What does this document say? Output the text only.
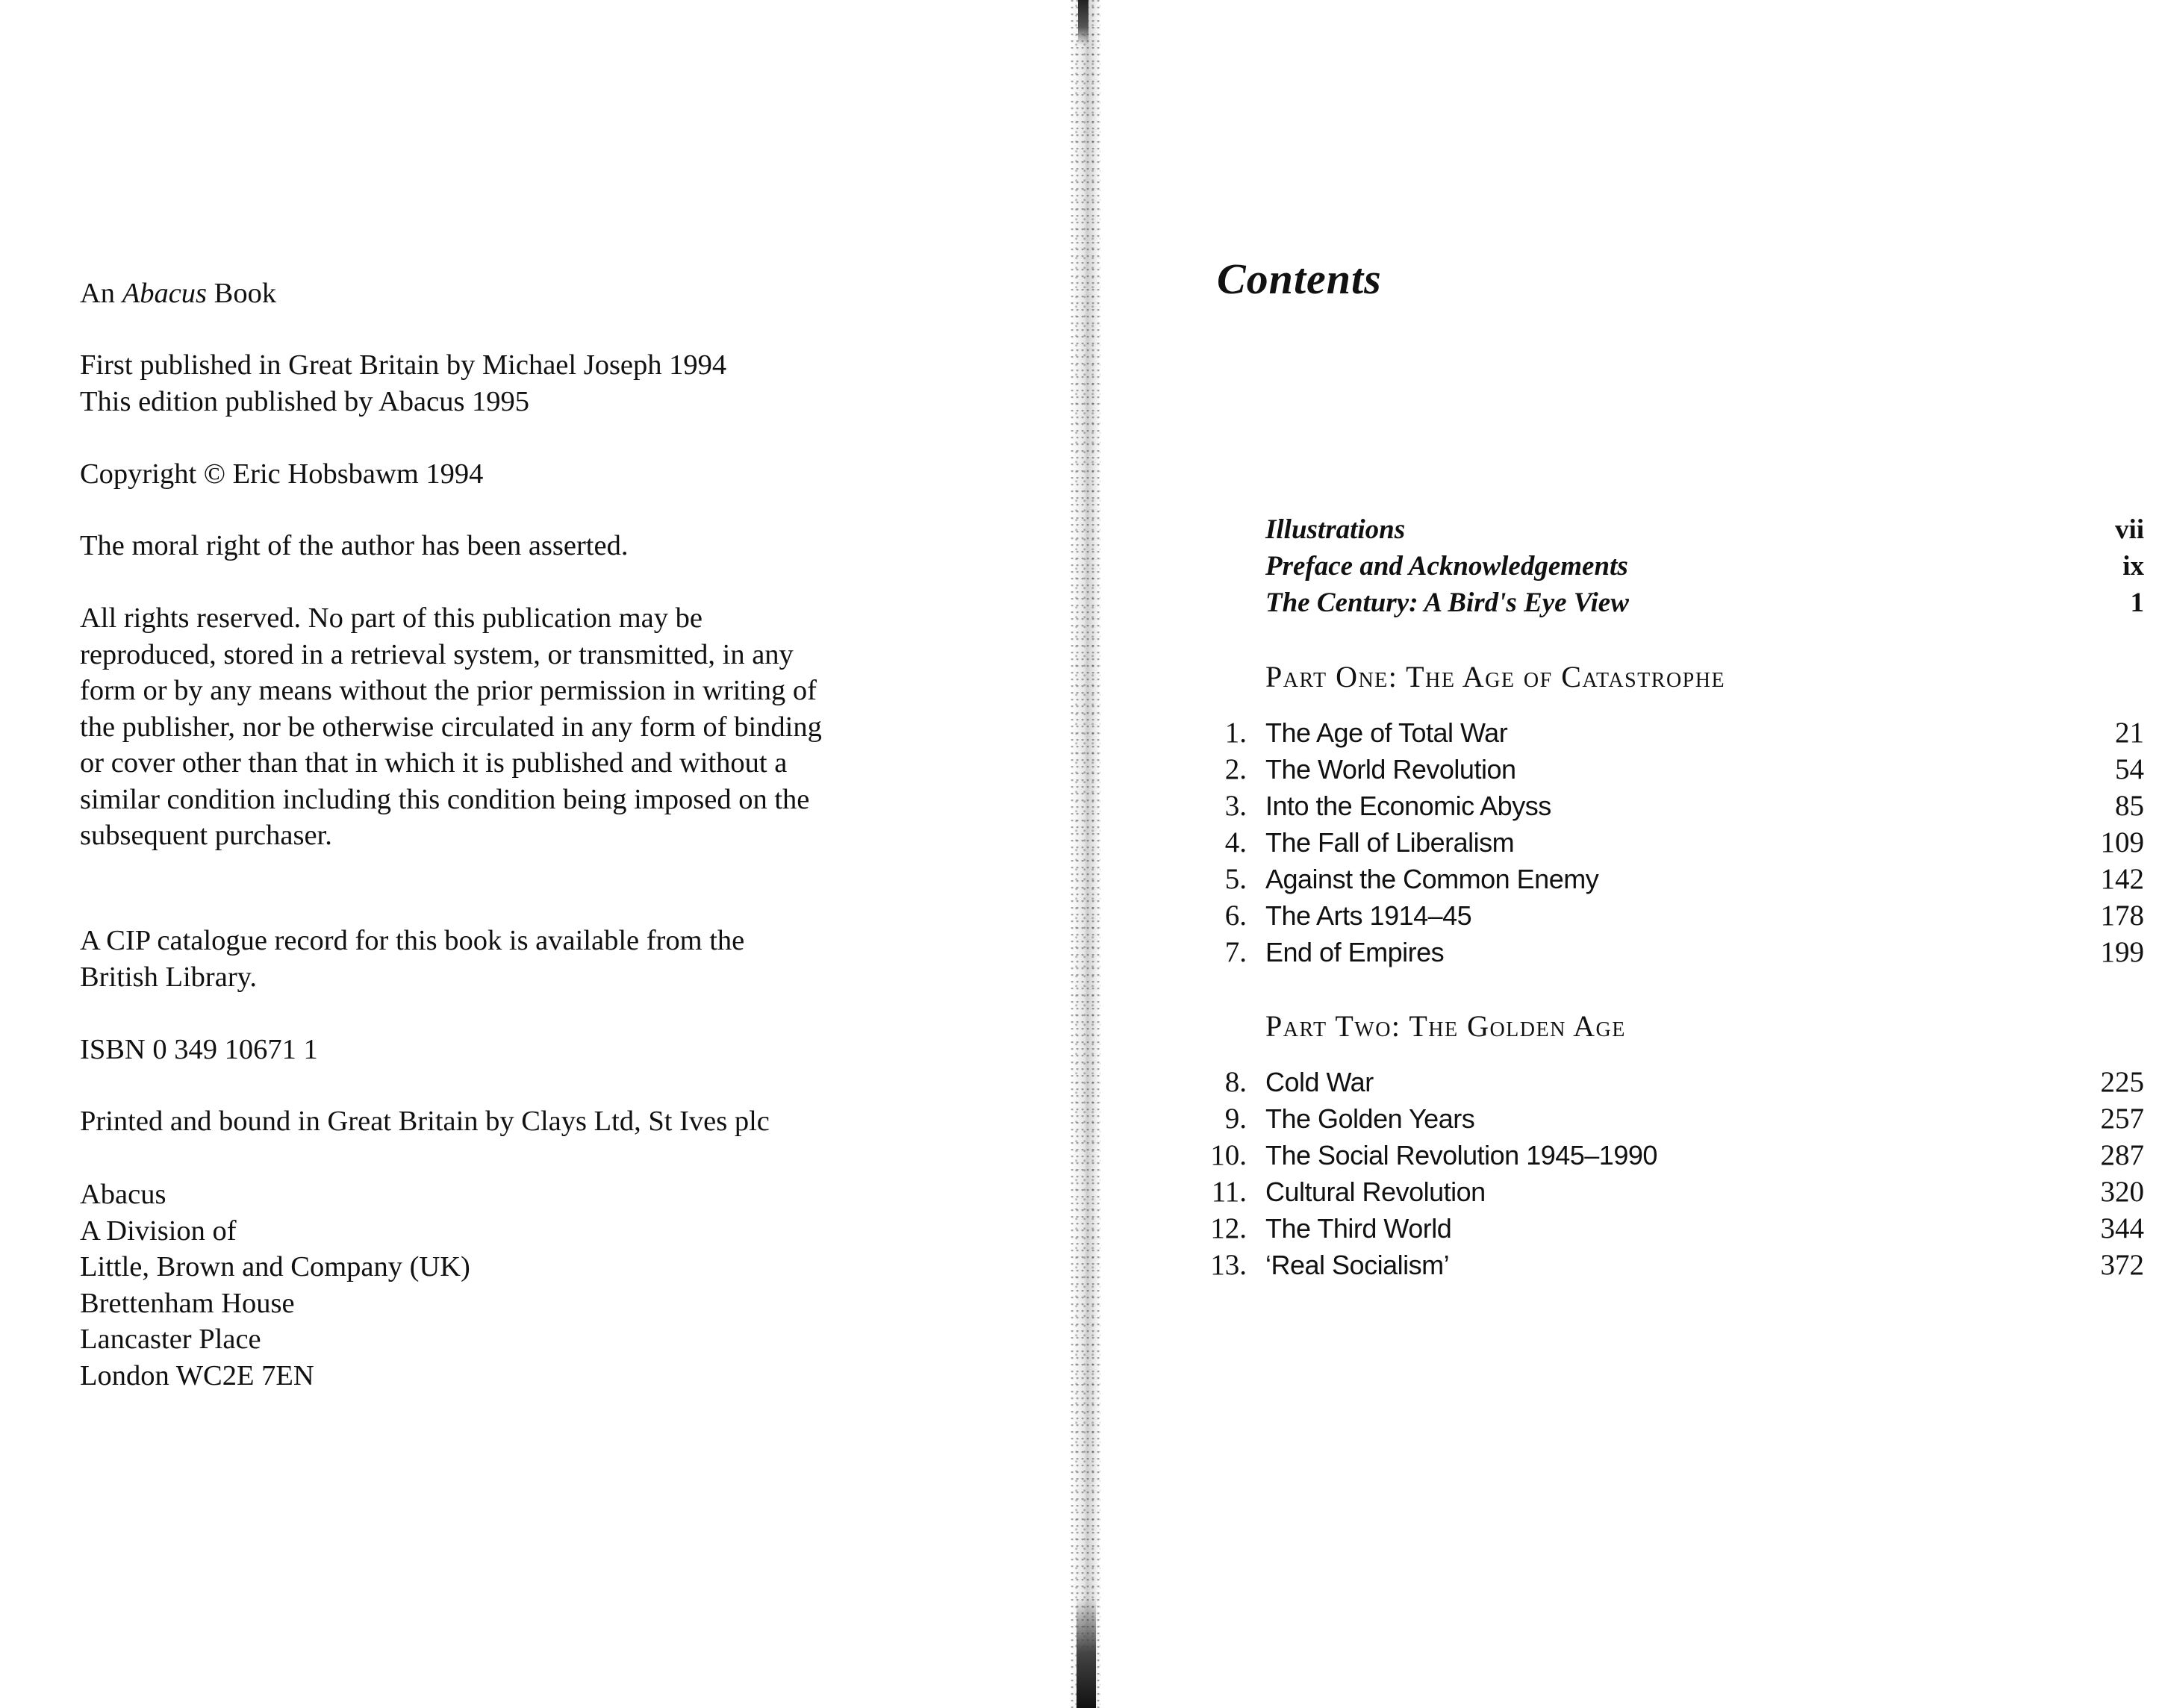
An Abacus Book
First published in Great Britain by Michael Joseph 1994
This edition published by Abacus 1995
Copyright © Eric Hobsbawm 1994
The moral right of the author has been asserted.
All rights reserved. No part of this publication may be
reproduced, stored in a retrieval system, or transmitted, in any
form or by any means without the prior permission in writing of
the publisher, nor be otherwise circulated in any form of binding
or cover other than that in which it is published and without a
similar condition including this condition being imposed on the
subsequent purchaser.
A CIP catalogue record for this book is available from the
British Library.
ISBN 0 349 10671 1
Printed and bound in Great Britain by Clays Ltd, St Ives plc
Abacus
A Division of
Little, Brown and Company (UK)
Brettenham House
Lancaster Place
London WC2E 7EN
Contents
Illustrations	vii
Preface and Acknowledgements	ix
The Century: A Bird's Eye View	1
Part One: The Age of Catastrophe
1. The Age of Total War	21
2. The World Revolution	54
3. Into the Economic Abyss	85
4. The Fall of Liberalism	109
5. Against the Common Enemy	142
6. The Arts 1914–45	178
7. End of Empires	199
Part Two: The Golden Age
8. Cold War	225
9. The Golden Years	257
10. The Social Revolution 1945–1990	287
11. Cultural Revolution	320
12. The Third World	344
13. ‘Real Socialism’	372
